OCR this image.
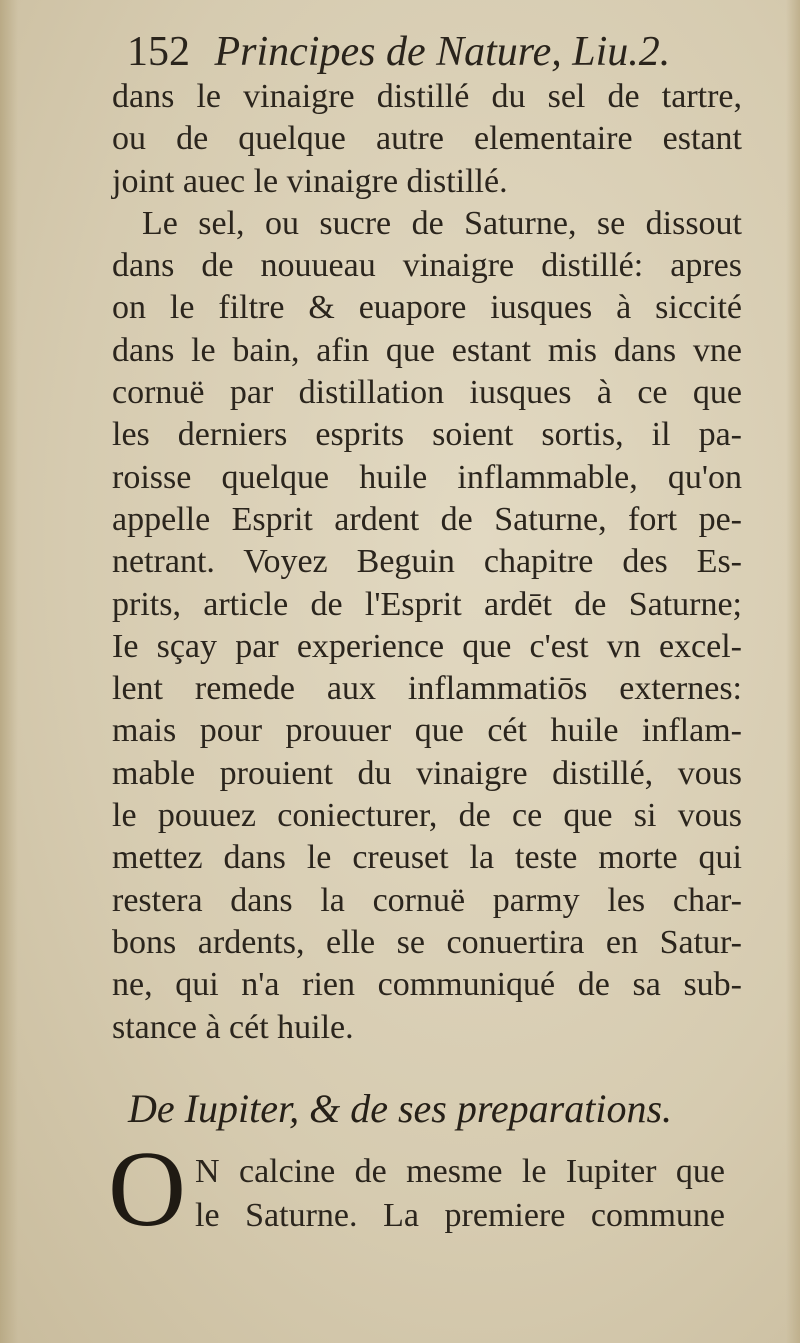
152 Principes de Nature, Liu.2.
dans le vinaigre distillé du sel de tartre,
ou de quelque autre elementaire estant
joint auec le vinaigre distillé.
Le sel, ou sucre de Saturne, se dissout
dans de nouueau vinaigre distillé: apres
on le filtre & euapore iusques à siccité
dans le bain, afin que estant mis dans vne
cornuë par distillation iusques à ce que
les derniers esprits soient sortis, il pa-
roisse quelque huile inflammable, qu'on
appelle Esprit ardent de Saturne, fort pe-
netrant. Voyez Beguin chapitre des Es-
prits, article de l'Esprit ardēt de Saturne;
Ie sçay par experience que c'est vn excel-
lent remede aux inflammatiōs externes:
mais pour prouuer que cét huile inflam-
mable prouient du vinaigre distillé, vous
le pouuez coniecturer, de ce que si vous
mettez dans le creuset la teste morte qui
restera dans la cornuë parmy les char-
bons ardents, elle se conuertira en Satur-
ne, qui n'a rien communiqué de sa sub-
stance à cét huile.
De Iupiter, & de ses preparations.
O N calcine de mesme le Iupiter que
le Saturne. La premiere commune
